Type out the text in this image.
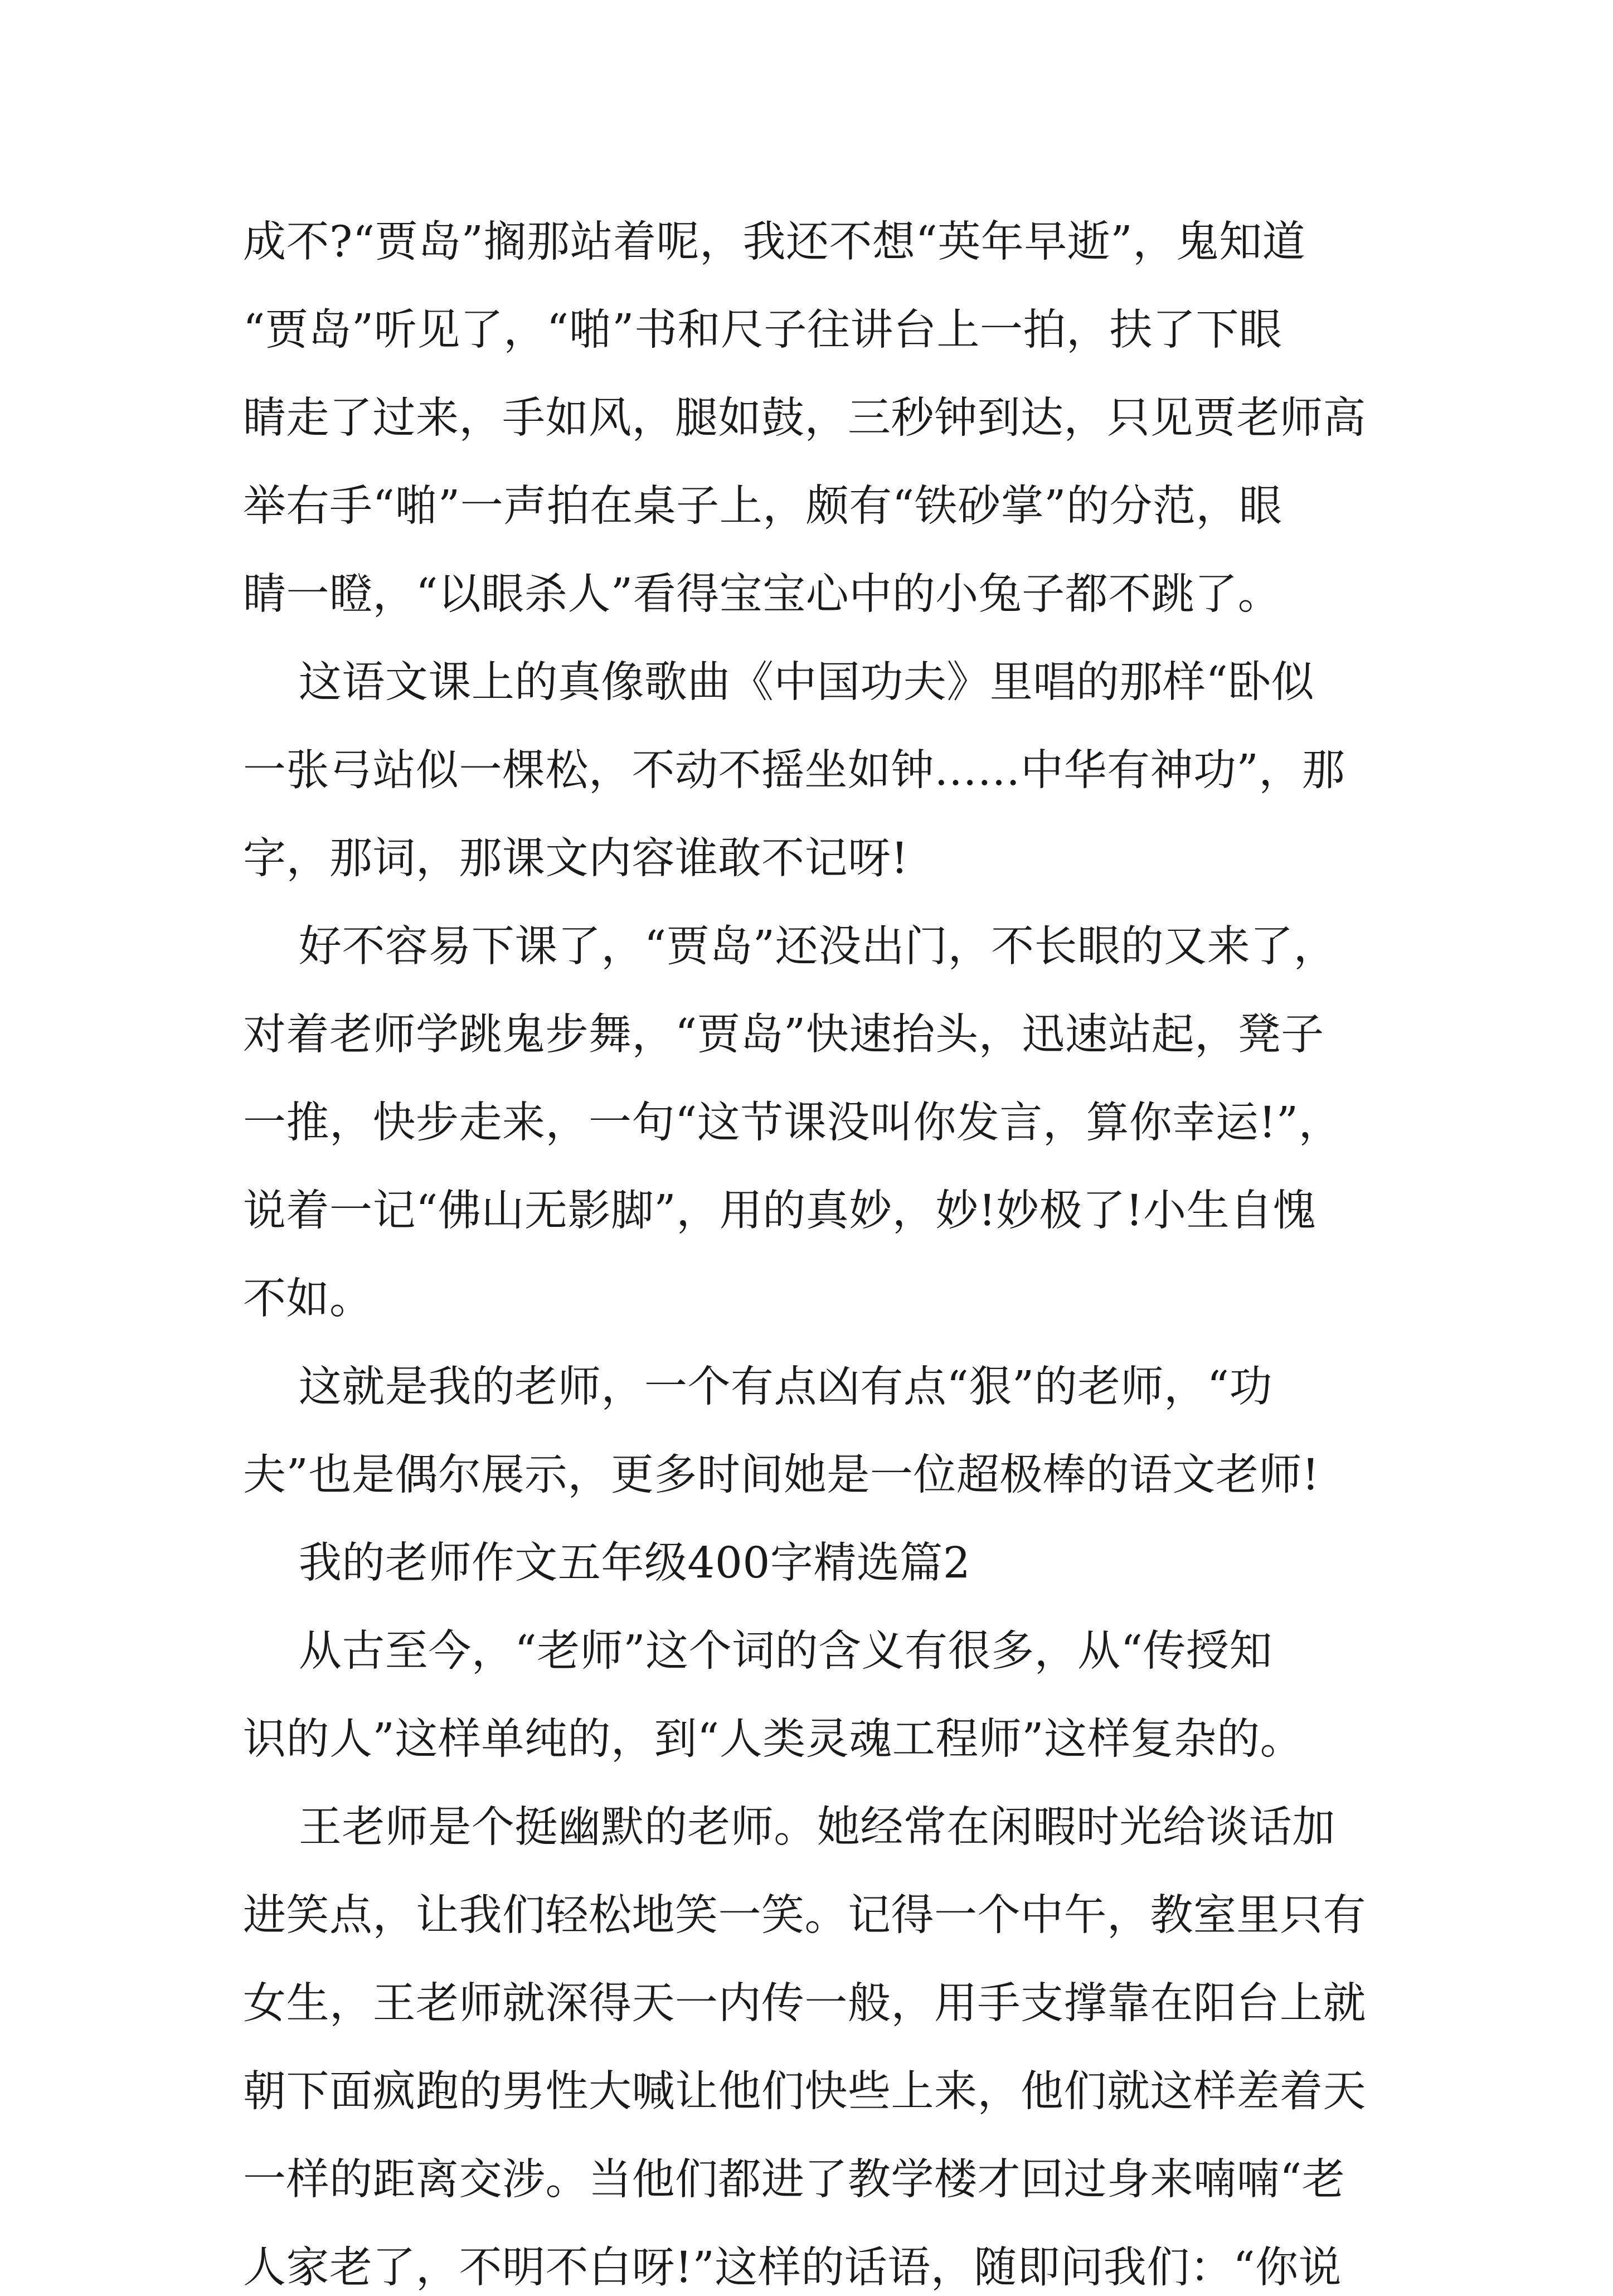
成不?“贾岛”搁那站着呢，我还不想“英年早逝”，鬼知道
“贾岛”听见了，“啪”书和尺子往讲台上一拍，扶了下眼
睛走了过来，手如风，腿如鼓，三秒钟到达，只见贾老师高
举右手“啪”一声拍在桌子上，颇有“铁砂掌”的分范，眼
睛一瞪，“以眼杀人”看得宝宝心中的小兔子都不跳了。
这语文课上的真像歌曲《中国功夫》里唱的那样“卧似
一张弓站似一棵松，不动不摇坐如钟……中华有神功”，那
字，那词，那课文内容谁敢不记呀!
好不容易下课了，“贾岛”还没出门，不长眼的又来了，
对着老师学跳鬼步舞，“贾岛”快速抬头，迅速站起，凳子
一推，快步走来，一句“这节课没叫你发言，算你幸运!”，
说着一记“佛山无影脚”，用的真妙，妙!妙极了!小生自愧
不如。
这就是我的老师，一个有点凶有点“狠”的老师，“功
夫”也是偶尔展示，更多时间她是一位超极棒的语文老师!
我的老师作文五年级400字精选篇2
从古至今，“老师”这个词的含义有很多，从“传授知
识的人”这样单纯的，到“人类灵魂工程师”这样复杂的。
王老师是个挺幽默的老师。她经常在闲暇时光给谈话加
进笑点，让我们轻松地笑一笑。记得一个中午，教室里只有
女生，王老师就深得天一内传一般，用手支撑靠在阳台上就
朝下面疯跑的男性大喊让他们快些上来，他们就这样差着天
一样的距离交涉。当他们都进了教学楼才回过身来喃喃“老
人家老了，不明不白呀!”这样的话语，随即问我们：“你说
